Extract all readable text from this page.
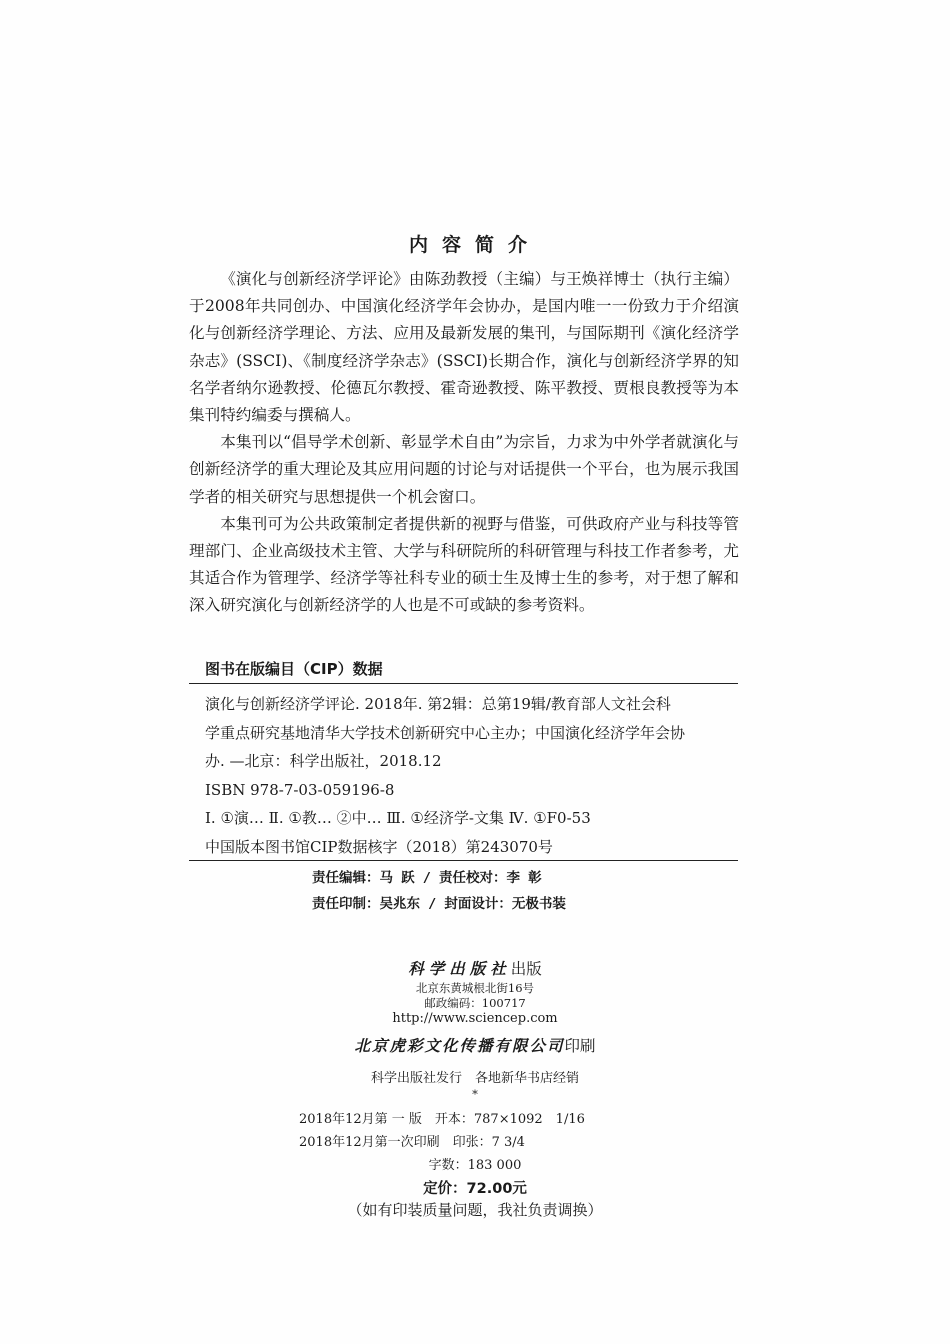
内容简介

《演化与创新经济学评论》由陈劲教授（主编）与王焕祥博士（执行主编）于2008年共同创办、中国演化经济学年会协办，是国内唯一一份致力于介绍演化与创新经济学理论、方法、应用及最新发展的集刊，与国际期刊《演化经济学杂志》(SSCI)、《制度经济学杂志》(SSCI)长期合作，演化与创新经济学界的知名学者纳尔逊教授、伦德瓦尔教授、霍奇逊教授、陈平教授、贾根良教授等为本集刊特约编委与撰稿人。

本集刊以“倡导学术创新、彰显学术自由”为宗旨，力求为中外学者就演化与创新经济学的重大理论及其应用问题的讨论与对话提供一个平台，也为展示我国学者的相关研究与思想提供一个机会窗口。

本集刊可为公共政策制定者提供新的视野与借鉴，可供政府产业与科技等管理部门、企业高级技术主管、大学与科研院所的科研管理与科技工作者参考，尤其适合作为管理学、经济学等社科专业的硕士生及博士生的参考，对于想了解和深入研究演化与创新经济学的人也是不可或缺的参考资料。

图书在版编目（CIP）数据
演化与创新经济学评论. 2018年. 第2辑：总第19辑/教育部人文社会科
学重点研究基地清华大学技术创新研究中心主办；中国演化经济学年会协
办. —北京：科学出版社，2018.12
ISBN 978-7-03-059196-8
Ⅰ. ①演… Ⅱ. ①教… ②中… Ⅲ. ①经济学-文集 Ⅳ. ①F0-53
中国版本图书馆CIP数据核字（2018）第243070号
责任编辑：马 跃 / 责任校对：李 彰
责任印制：吴兆东 / 封面设计：无极书装
科学出版社出版
北京东黄城根北街16号
邮政编码：100717
http://www.sciencep.com
北京虎彩文化传播有限公司印刷
科学出版社发行　各地新华书店经销
*
2018年12月第 一 版　开本：787×1092　1/16
2018年12月第一次印刷　印张：7 3/4
字数：183 000
定价：72.00元
（如有印装质量问题，我社负责调换）
